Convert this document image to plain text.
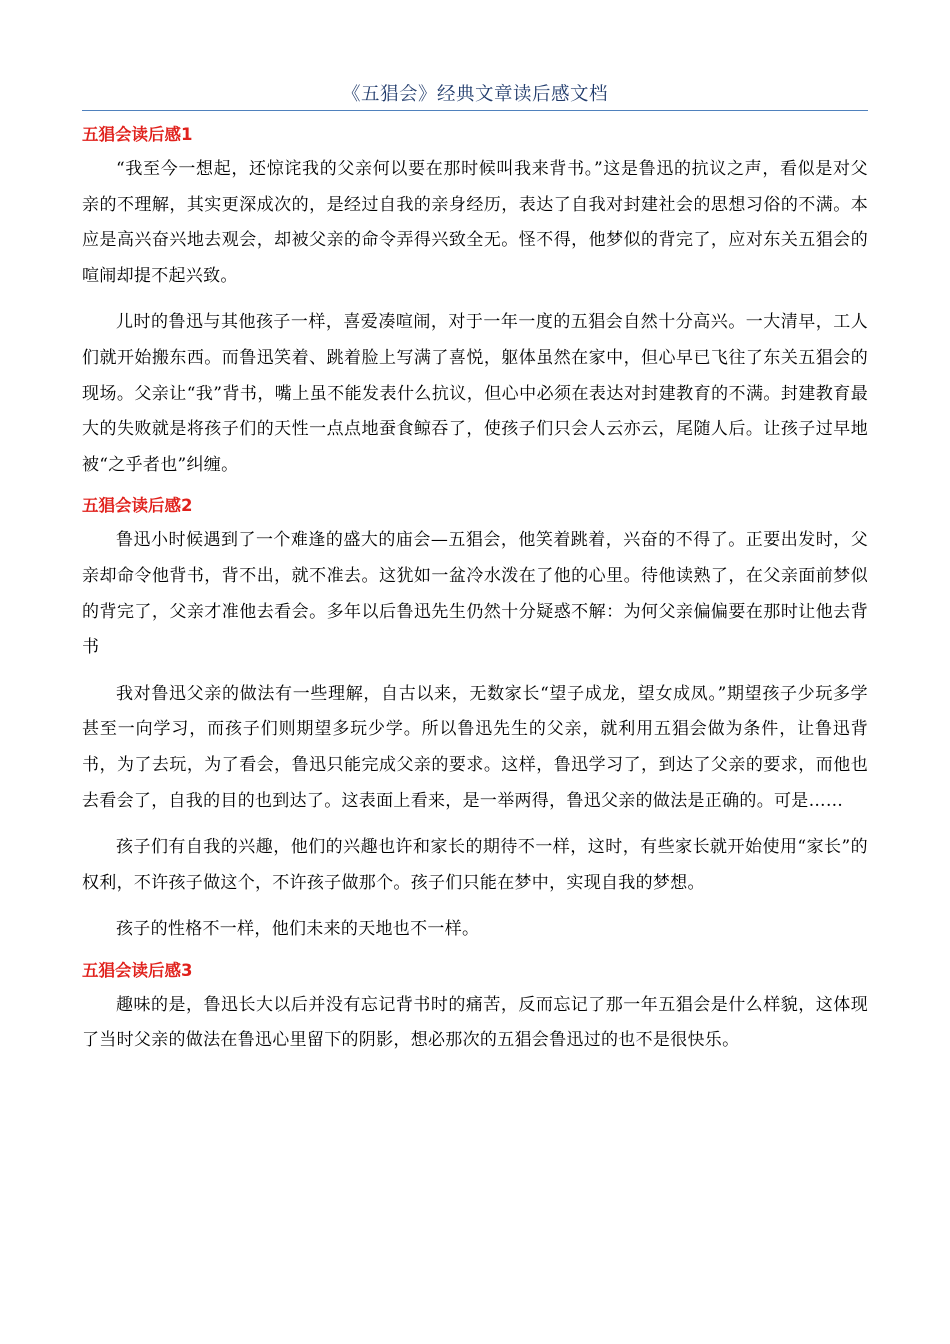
《五猖会》经典文章读后感文档
五猖会读后感1

“我至今一想起，还惊诧我的父亲何以要在那时候叫我来背书。”这是鲁迅的抗议之声，看似是对父亲的不理解，其实更深成次的，是经过自我的亲身经历，表达了自我对封建社会的思想习俗的不满。本应是高兴奋兴地去观会，却被父亲的命令弄得兴致全无。怪不得，他梦似的背完了，应对东关五猖会的喧闹却提不起兴致。

儿时的鲁迅与其他孩子一样，喜爱凑喧闹，对于一年一度的五猖会自然十分高兴。一大清早，工人们就开始搬东西。而鲁迅笑着、跳着脸上写满了喜悦，躯体虽然在家中，但心早已飞往了东关五猖会的现场。父亲让“我”背书，嘴上虽不能发表什么抗议，但心中必须在表达对封建教育的不满。封建教育最大的失败就是将孩子们的天性一点点地蚕食鲸吞了，使孩子们只会人云亦云，尾随人后。让孩子过早地被“之乎者也”纠缠。

五猖会读后感2

鲁迅小时候遇到了一个难逢的盛大的庙会—五猖会，他笑着跳着，兴奋的不得了。正要出发时，父亲却命令他背书，背不出，就不准去。这犹如一盆冷水泼在了他的心里。待他读熟了，在父亲面前梦似的背完了，父亲才准他去看会。多年以后鲁迅先生仍然十分疑惑不解：为何父亲偏偏要在那时让他去背书

我对鲁迅父亲的做法有一些理解，自古以来，无数家长“望子成龙，望女成凤。”期望孩子少玩多学甚至一向学习，而孩子们则期望多玩少学。所以鲁迅先生的父亲，就利用五猖会做为条件，让鲁迅背书，为了去玩，为了看会，鲁迅只能完成父亲的要求。这样，鲁迅学习了，到达了父亲的要求，而他也去看会了，自我的目的也到达了。这表面上看来，是一举两得，鲁迅父亲的做法是正确的。可是……

孩子们有自我的兴趣，他们的兴趣也许和家长的期待不一样，这时，有些家长就开始使用“家长”的权利，不许孩子做这个，不许孩子做那个。孩子们只能在梦中，实现自我的梦想。

孩子的性格不一样，他们未来的天地也不一样。

五猖会读后感3

趣味的是，鲁迅长大以后并没有忘记背书时的痛苦，反而忘记了那一年五猖会是什么样貌，这体现了当时父亲的做法在鲁迅心里留下的阴影，想必那次的五猖会鲁迅过的也不是很快乐。
